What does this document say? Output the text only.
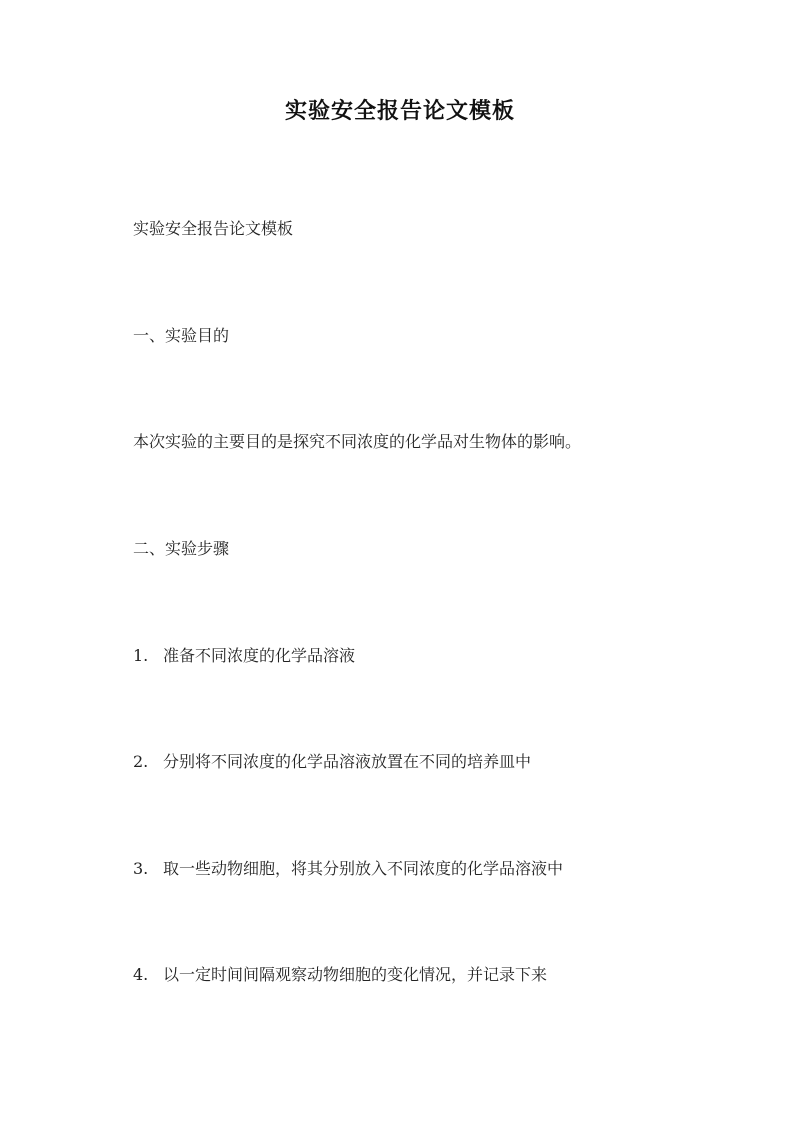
实验安全报告论文模板

实验安全报告论文模板

一、实验目的

本次实验的主要目的是探究不同浓度的化学品对生物体的影响。

二、实验步骤

1. 准备不同浓度的化学品溶液
2. 分别将不同浓度的化学品溶液放置在不同的培养皿中
3. 取一些动物细胞，将其分别放入不同浓度的化学品溶液中
4. 以一定时间间隔观察动物细胞的变化情况，并记录下来
